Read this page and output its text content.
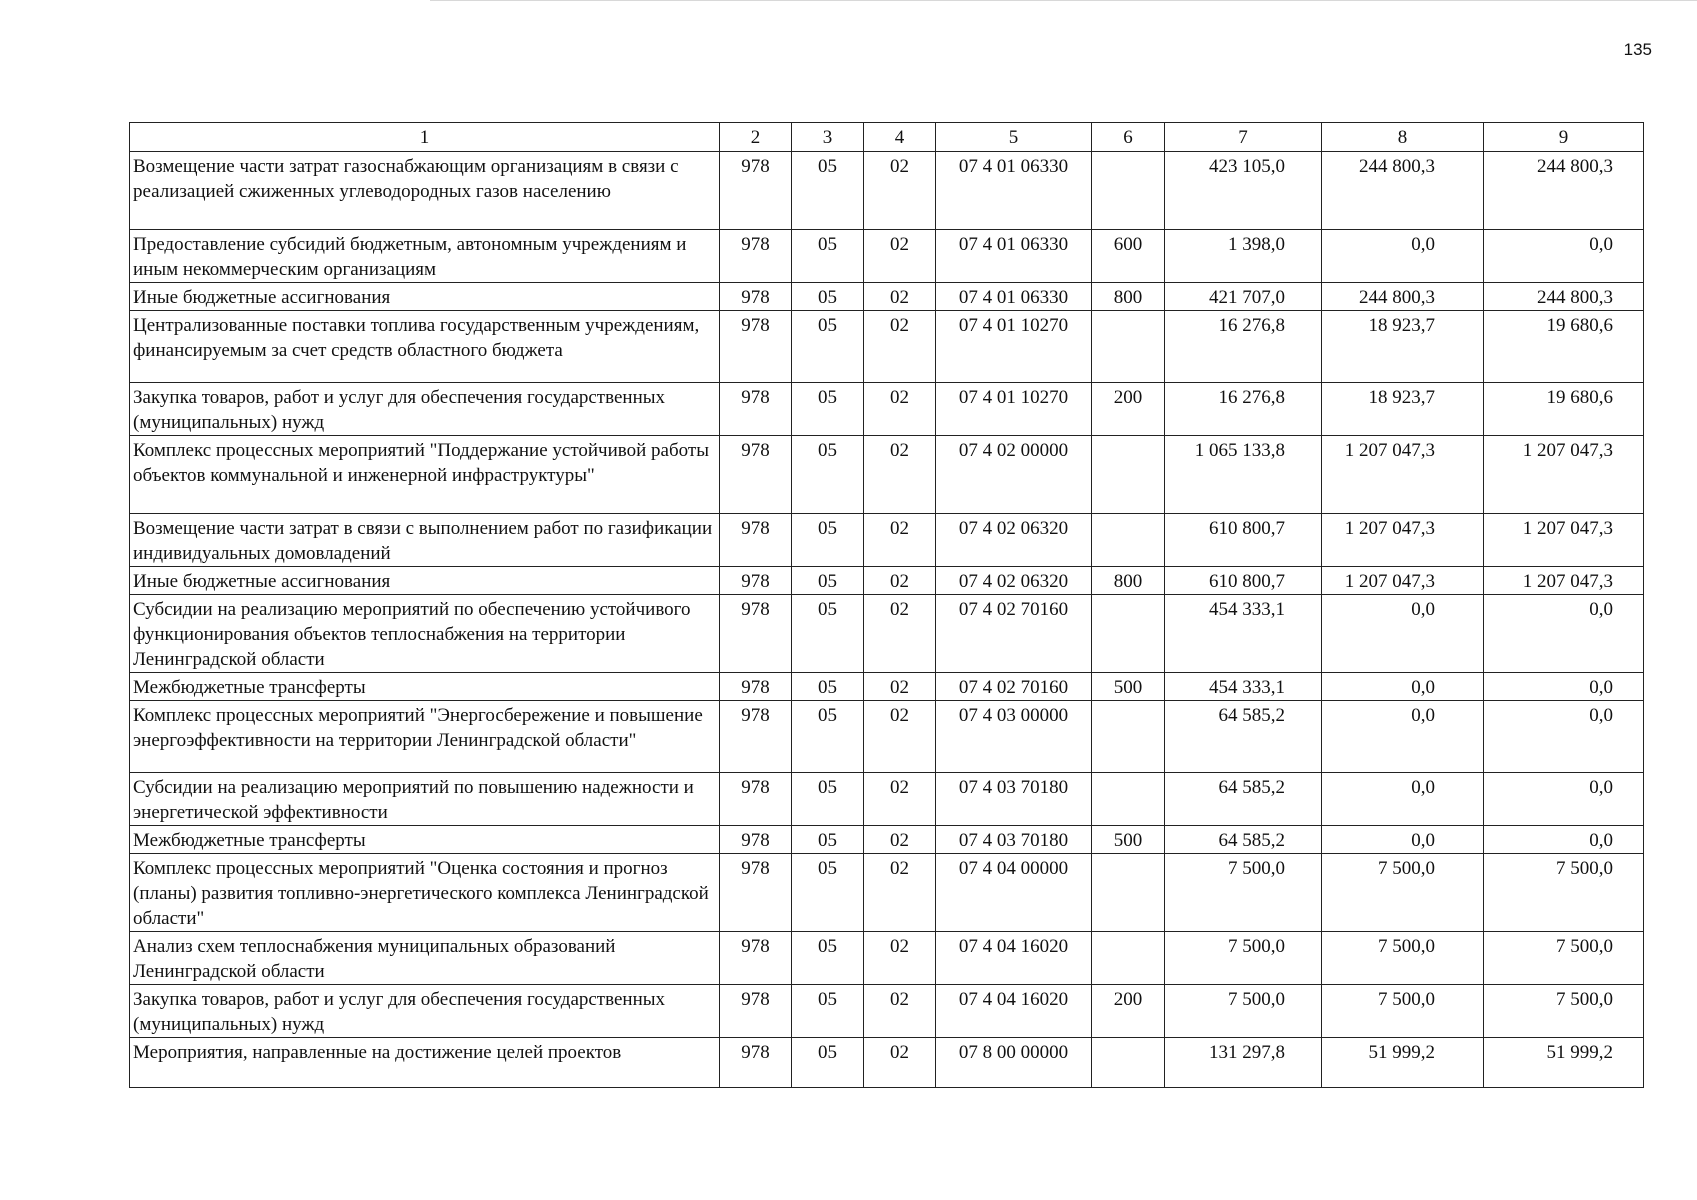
135
1	2	3	4	5	6	7	8	9
Возмещение части затрат газоснабжающим организациям в связи с реализацией сжиженных углеводородных газов населению	978	05	02	07 4 01 06330		423 105,0	244 800,3	244 800,3
Предоставление субсидий бюджетным, автономным учреждениям и иным некоммерческим организациям	978	05	02	07 4 01 06330	600	1 398,0	0,0	0,0
Иные бюджетные ассигнования	978	05	02	07 4 01 06330	800	421 707,0	244 800,3	244 800,3
Централизованные поставки топлива государственным учреждениям, финансируемым за счет средств областного бюджета	978	05	02	07 4 01 10270		16 276,8	18 923,7	19 680,6
Закупка товаров, работ и услуг для обеспечения государственных (муниципальных) нужд	978	05	02	07 4 01 10270	200	16 276,8	18 923,7	19 680,6
Комплекс процессных мероприятий "Поддержание устойчивой работы объектов коммунальной и инженерной инфраструктуры"	978	05	02	07 4 02 00000		1 065 133,8	1 207 047,3	1 207 047,3
Возмещение части затрат в связи с выполнением работ по газификации индивидуальных домовладений	978	05	02	07 4 02 06320		610 800,7	1 207 047,3	1 207 047,3
Иные бюджетные ассигнования	978	05	02	07 4 02 06320	800	610 800,7	1 207 047,3	1 207 047,3
Субсидии на реализацию мероприятий по обеспечению устойчивого функционирования объектов теплоснабжения на территории Ленинградской области	978	05	02	07 4 02 70160		454 333,1	0,0	0,0
Межбюджетные трансферты	978	05	02	07 4 02 70160	500	454 333,1	0,0	0,0
Комплекс процессных мероприятий "Энергосбережение и повышение энергоэффективности на территории Ленинградской области"	978	05	02	07 4 03 00000		64 585,2	0,0	0,0
Субсидии на реализацию мероприятий по повышению надежности и энергетической эффективности	978	05	02	07 4 03 70180		64 585,2	0,0	0,0
Межбюджетные трансферты	978	05	02	07 4 03 70180	500	64 585,2	0,0	0,0
Комплекс процессных мероприятий "Оценка состояния и прогноз (планы) развития топливно-энергетического комплекса Ленинградской области"	978	05	02	07 4 04 00000		7 500,0	7 500,0	7 500,0
Анализ схем теплоснабжения муниципальных образований Ленинградской области	978	05	02	07 4 04 16020		7 500,0	7 500,0	7 500,0
Закупка товаров, работ и услуг для обеспечения государственных (муниципальных) нужд	978	05	02	07 4 04 16020	200	7 500,0	7 500,0	7 500,0
Мероприятия, направленные на достижение целей проектов	978	05	02	07 8 00 00000		131 297,8	51 999,2	51 999,2
